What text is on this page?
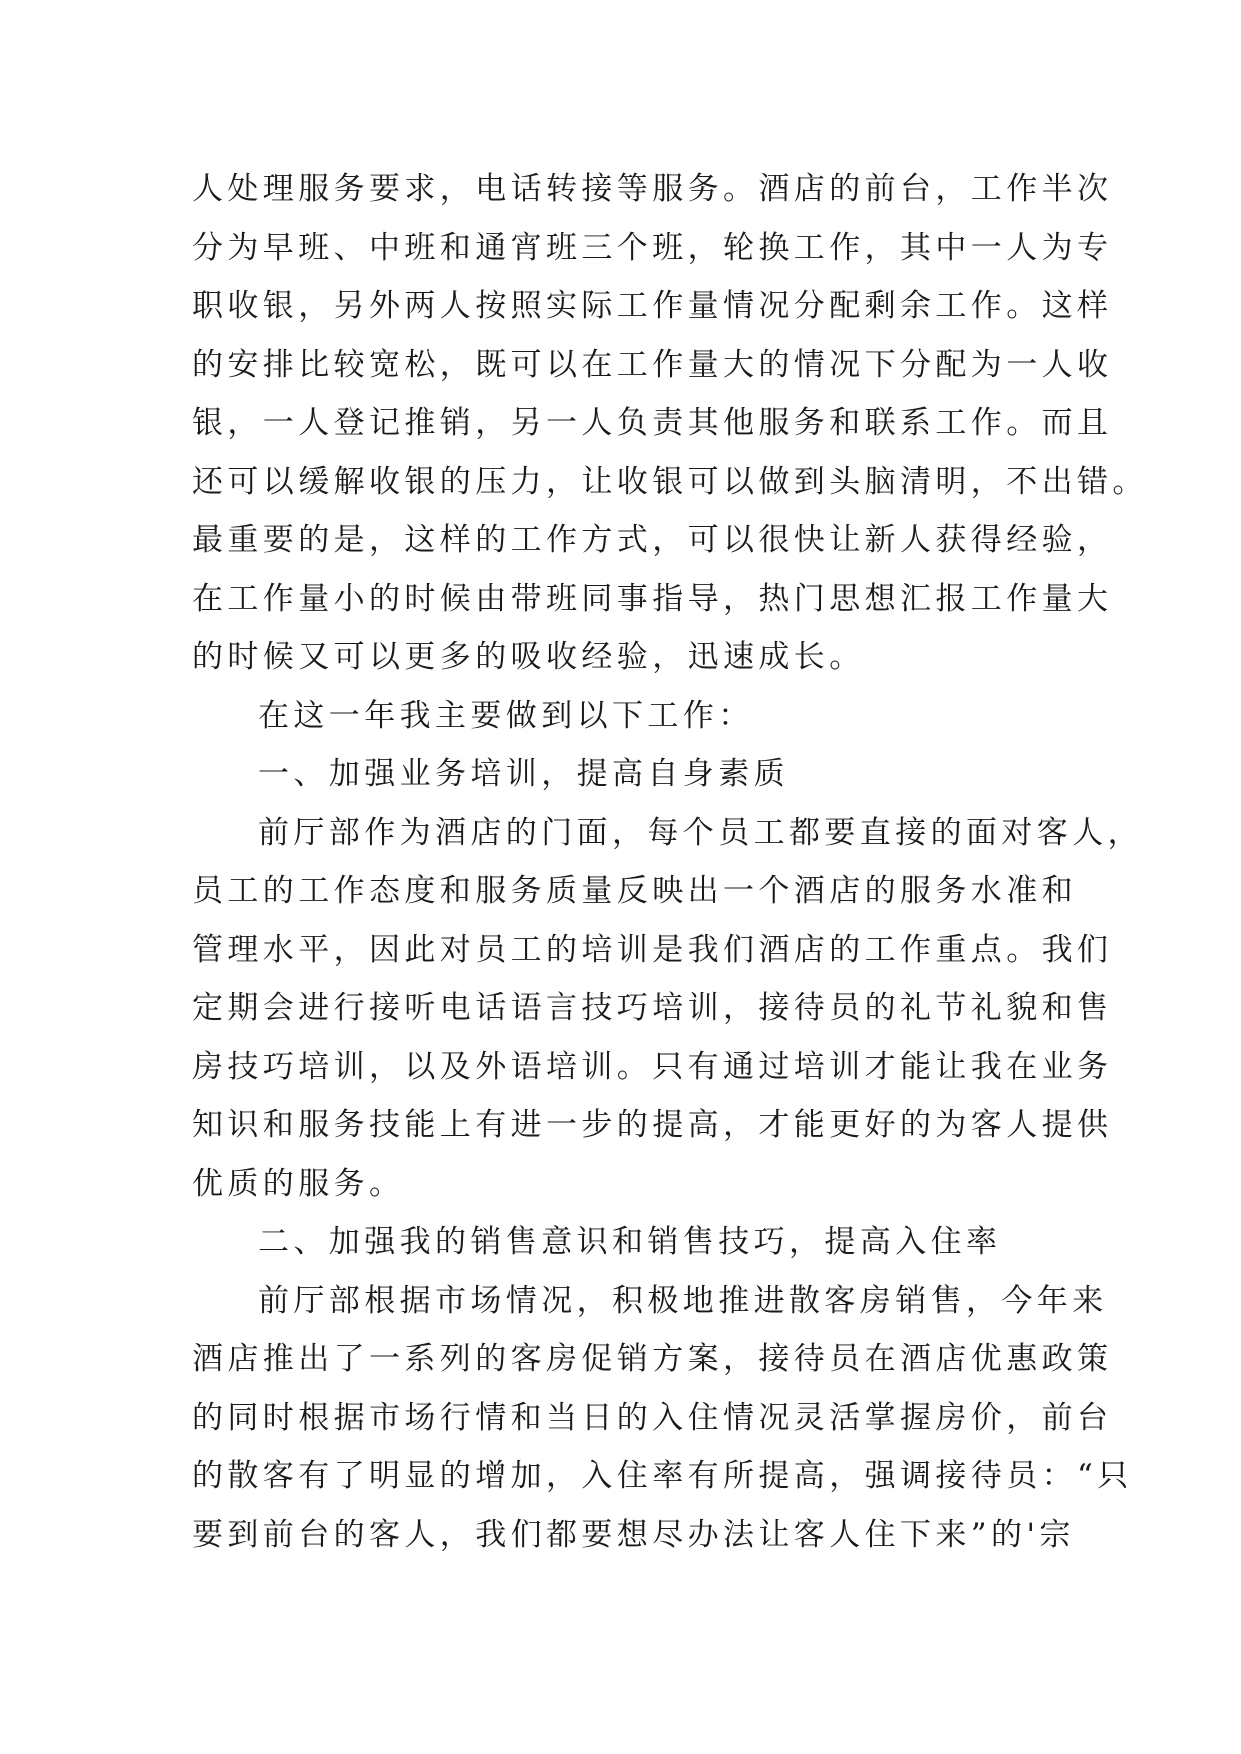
人处理服务要求，电话转接等服务。酒店的前台，工作半次

分为早班、中班和通宵班三个班，轮换工作，其中一人为专

职收银，另外两人按照实际工作量情况分配剩余工作。这样

的安排比较宽松，既可以在工作量大的情况下分配为一人收

银，一人登记推销，另一人负责其他服务和联系工作。而且

还可以缓解收银的压力，让收银可以做到头脑清明，不出错。

最重要的是，这样的工作方式，可以很快让新人获得经验，

在工作量小的时候由带班同事指导，热门思想汇报工作量大

的时候又可以更多的吸收经验，迅速成长。

在这一年我主要做到以下工作：

一、加强业务培训，提高自身素质

前厅部作为酒店的门面，每个员工都要直接的面对客人，

员工的工作态度和服务质量反映出一个酒店的服务水准和

管理水平，因此对员工的培训是我们酒店的工作重点。我们

定期会进行接听电话语言技巧培训，接待员的礼节礼貌和售

房技巧培训，以及外语培训。只有通过培训才能让我在业务

知识和服务技能上有进一步的提高，才能更好的为客人提供

优质的服务。

二、加强我的销售意识和销售技巧，提高入住率

前厅部根据市场情况，积极地推进散客房销售，今年来

酒店推出了一系列的客房促销方案，接待员在酒店优惠政策

的同时根据市场行情和当日的入住情况灵活掌握房价，前台

的散客有了明显的增加，入住率有所提高，强调接待员：“只

要到前台的客人，我们都要想尽办法让客人住下来”的'宗
